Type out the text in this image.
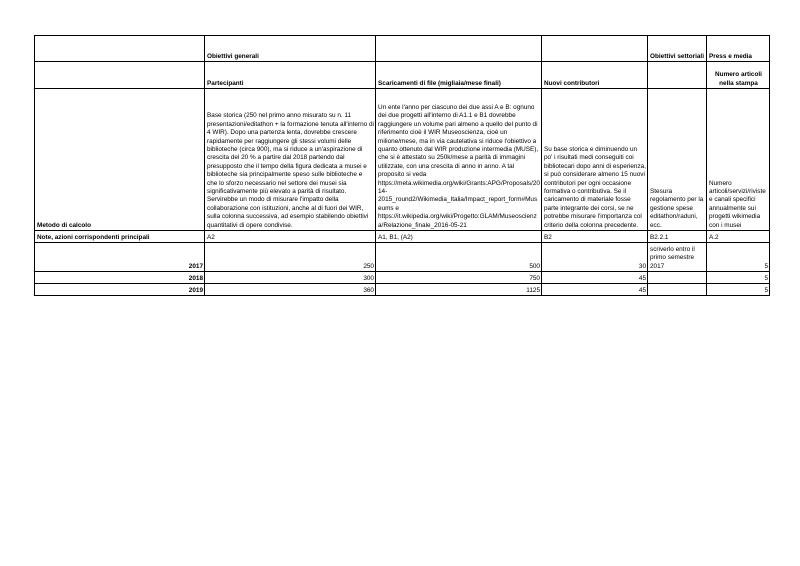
	Obiettivi generali			Obiettivi settoriali	Press e media
	Partecipanti	Scaricamenti di file (migliaia/mese finali)	Nuovi contributori		Numero articoli nella stampa
Metodo di calcolo	Base storica (250 nel primo anno misurato su n. 11 presentazioni/editathon + la formazione tenuta all'interno di 4 WIR). Dopo una partenza lenta, dovrebbe crescere rapidamente per raggiungere gli stessi volumi delle biblioteche (circa 900), ma si riduce a un'aspirazione di crescita del 20 % a partire dal 2018 partendo dal presupposto che il tempo della figura dedicata a musei e biblioteche sia principalmente speso sulle biblioteche e che lo sforzo necessario nel settore dei musei sia significativamente più elevato a parità di risultato. Servirebbe un modo di misurare l'impatto della collaborazione con istituzioni, anche al di fuori dei WIR, sulla colonna successiva, ad esempio stabilendo obiettivi quantitativi di opere condivise.	Un ente l'anno per ciascuno dei due assi A e B: ognuno dei due progetti all'interno di A1.1 e B1 dovrebbe raggiungere un volume pari almeno a quello del punto di riferimento cioè il WIR Museoscienza, cioè un milione/mese, ma in via cautelativa si riduce l'obiettivo a quanto ottenuto dal WIR produzione intermedia (MUSE), che si è attestato su 250k/mese a parità di immagini utilizzate, con una crescita di anno in anno. A tal proposito si veda https://meta.wikimedia.org/wiki/Grants:APG/Proposals/2014-2015_round2/Wikimedia_Italia/Impact_report_form#Museums e https://it.wikipedia.org/wiki/Progetto:GLAM/Museoscienza/Relazione_finale_2016-05-21	Su base storica e diminuendo un po' i risultati medi conseguiti coi bibliotecari dopo anni di esperienza, si può considerare almeno 15 nuovi contributori per ogni occasione formativa o contributiva. Se il caricamento di materiale fosse parte integrante dei corsi, se ne potrebbe misurare l'importanza col criterio della colonna precedente.	Stesura regolamento per la gestione spese editathon/raduni, ecc.	Numero articoli/servizi/riviste e canali specifici annualmente sui progetti wikimedia con i musei
Note, azioni corrispondenti principali	A2	A1, B1, (A2)	B2	B2.2.1	A.2
2017	250	500	30	scriverlo entro il primo semestre 2017	5
2018	300	750	45		5
2019	360	1125	45		5
